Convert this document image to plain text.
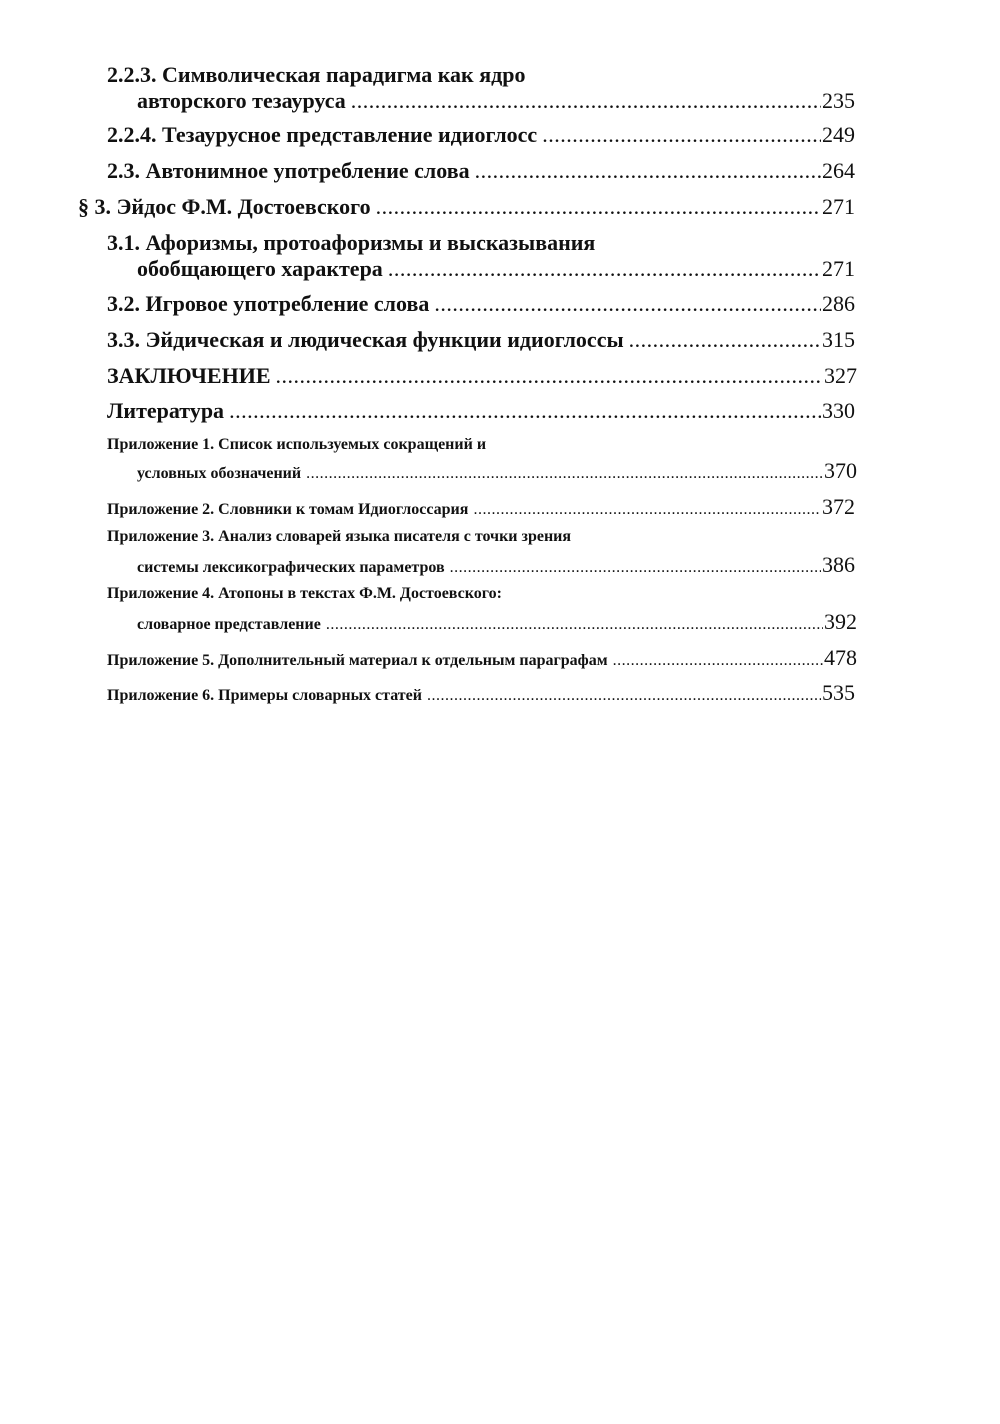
2.2.3. Символическая парадигма как ядро
авторского тезауруса .....	235
2.2.4. Тезаурусное представление идиоглосс .....	249
2.3. Автонимное употребление слова .....	264
§ 3. Эйдос Ф.М. Достоевского .....	271
3.1. Афоризмы, протоафоризмы и высказывания
обобщающего характера .....	271
3.2. Игровое употребление слова .....	286
3.3. Эйдическая и людическая функции идиоглоссы .....	315
ЗАКЛЮЧЕНИЕ .....	327
Литература .....	330
Приложение 1. Список используемых сокращений и
условных обозначений .....	370
Приложение 2. Словники к томам Идиоглоссария .....	372
Приложение 3. Анализ словарей языка писателя с точки зрения
системы лексикографических параметров .....	386
Приложение 4. Атопоны в текстах Ф.М. Достоевского:
словарное представление .....	392
Приложение 5. Дополнительный материал к отдельным параграфам .....	478
Приложение 6. Примеры словарных статей .....	535
